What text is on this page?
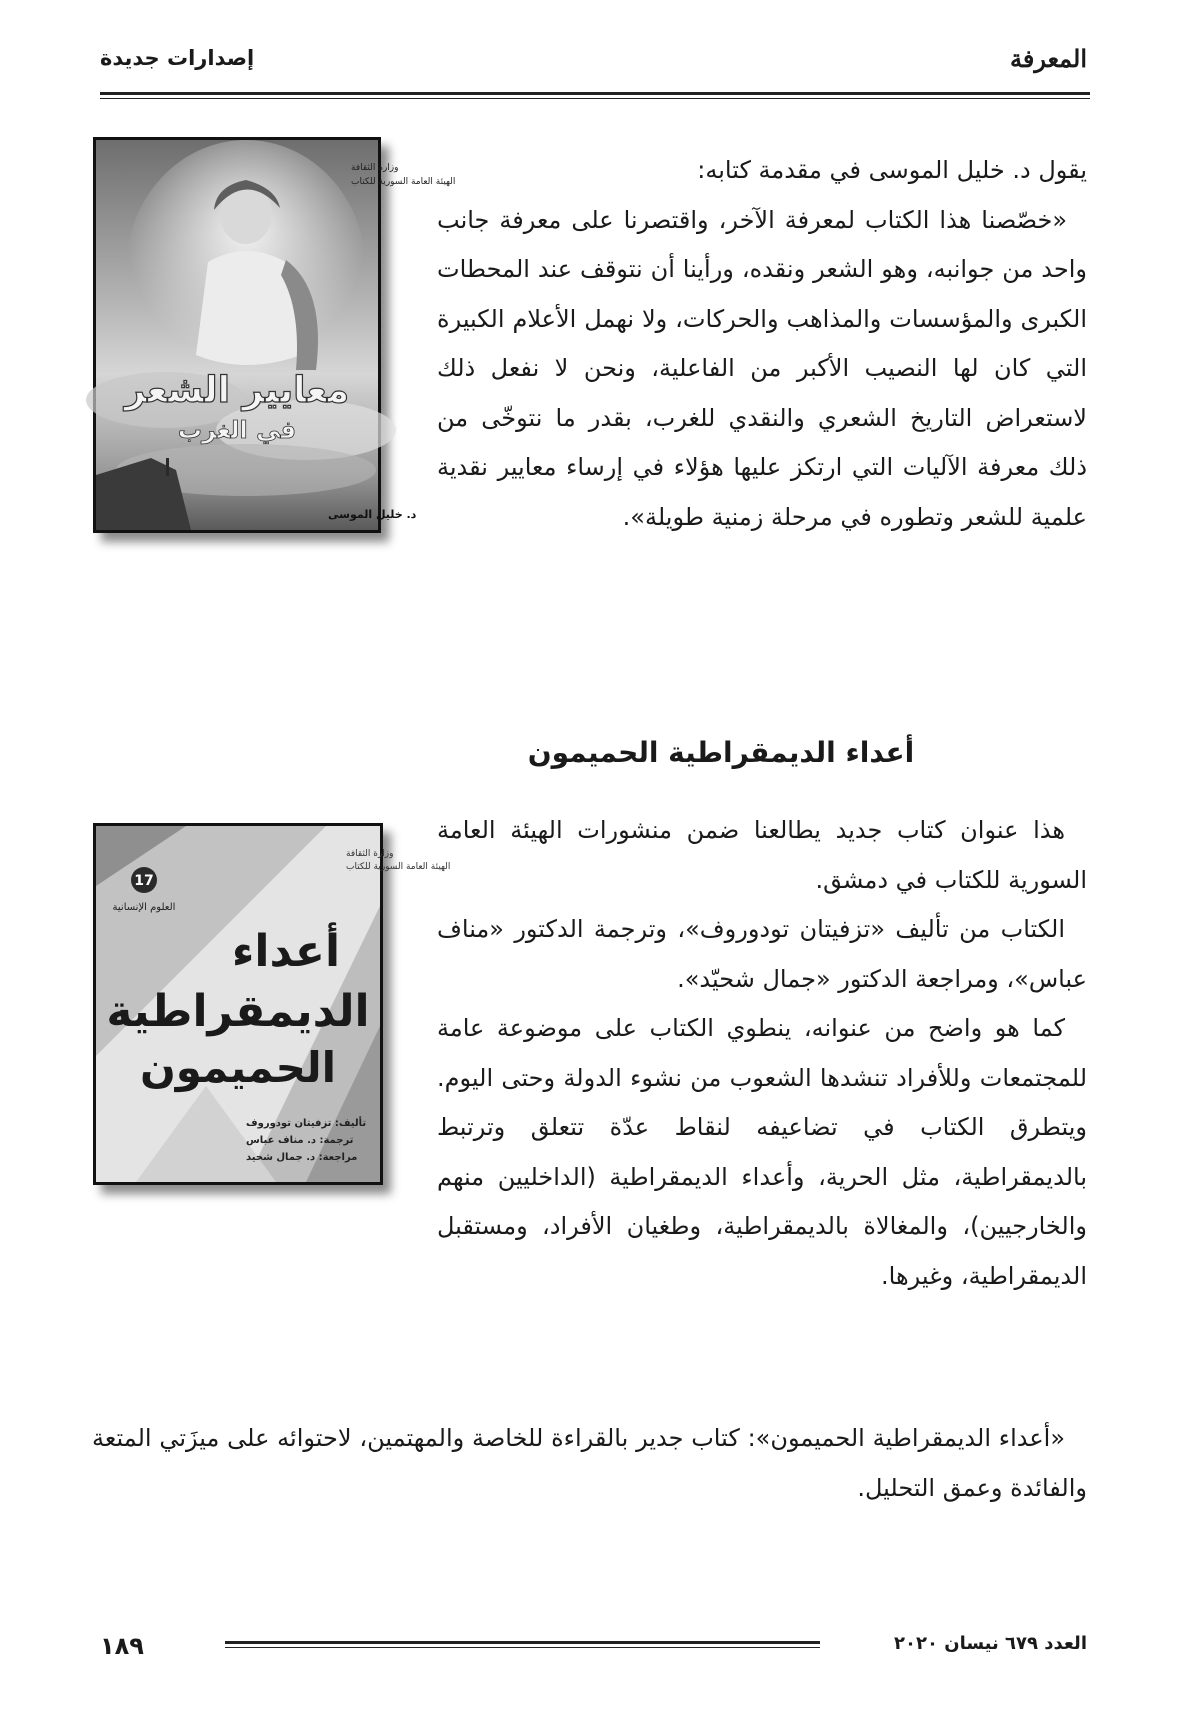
إصدارات جديدة	المعرفة
وزارة الثقافة
الهيئة العامة السورية للكتاب
معايير الشعر
في الغرب
د. خليل الموسى

يقول د. خليل الموسى في مقدمة كتابه:

«خصّصنا هذا الكتاب لمعرفة الآخر، واقتصرنا على معرفة جانب واحد من جوانبه، وهو الشعر ونقده، ورأينا أن نتوقف عند المحطات الكبرى والمؤسسات والمذاهب والحركات، ولا نهمل الأعلام الكبيرة التي كان لها النصيب الأكبر من الفاعلية، ونحن لا نفعل ذلك لاستعراض التاريخ الشعري والنقدي للغرب، بقدر ما نتوخّى من ذلك معرفة الآليات التي ارتكز عليها هؤلاء في إرساء معايير نقدية علمية للشعر وتطوره في مرحلة زمنية طويلة».

أعداء الديمقراطية الحميمون
17
العلوم الإنسانية
وزارة الثقافة
الهيئة العامة السورية للكتاب
أعداء
الديمقراطية
الحميمون
تأليف: تزفيتان تودوروف
ترجمة: د. مناف عباس
مراجعة: د. جمال شحيد

هذا عنوان كتاب جديد يطالعنا ضمن منشورات الهيئة العامة السورية للكتاب في دمشق.

الكتاب من تأليف «تزفيتان تودوروف»، وترجمة الدكتور «مناف عباس»، ومراجعة الدكتور «جمال شحيّد».

كما هو واضح من عنوانه، ينطوي الكتاب على موضوعة عامة للمجتمعات وللأفراد تنشدها الشعوب من نشوء الدولة وحتى اليوم. ويتطرق الكتاب في تضاعيفه لنقاط عدّة تتعلق وترتبط بالديمقراطية، مثل الحرية، وأعداء الديمقراطية (الداخليين منهم والخارجيين)، والمغالاة بالديمقراطية، وطغيان الأفراد، ومستقبل الديمقراطية، وغيرها.

«أعداء الديمقراطية الحميمون»: كتاب جدير بالقراءة للخاصة والمهتمين، لاحتوائه على ميزَتي المتعة والفائدة وعمق التحليل.

١٨٩	العدد ٦٧٩ نيسان ٢٠٢٠
